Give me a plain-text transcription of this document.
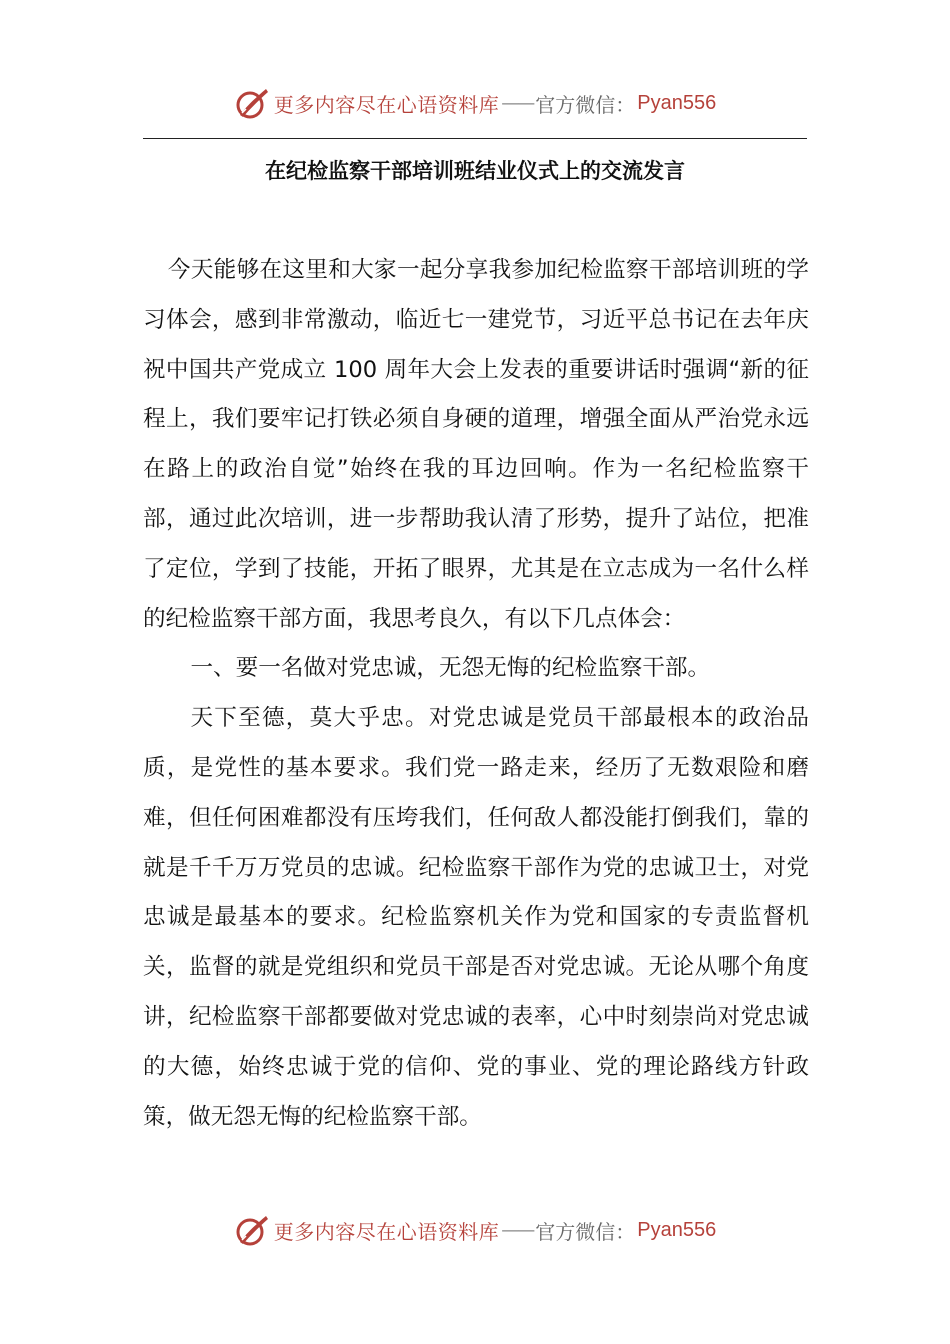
更多内容尽在心语资料库 —— 官方微信： Pyan556
在纪检监察干部培训班结业仪式上的交流发言

今天能够在这里和大家一起分享我参加纪检监察干部培训班的学习体会，感到非常激动，临近七一建党节，习近平总书记在去年庆祝中国共产党成立 100 周年大会上发表的重要讲话时强调“新的征程上，我们要牢记打铁必须自身硬的道理，增强全面从严治党永远在路上的政治自觉”始终在我的耳边回响。作为一名纪检监察干部，通过此次培训，进一步帮助我认清了形势，提升了站位，把准了定位，学到了技能，开拓了眼界，尤其是在立志成为一名什么样的纪检监察干部方面，我思考良久，有以下几点体会：

一、要一名做对党忠诚，无怨无悔的纪检监察干部。

天下至德，莫大乎忠。对党忠诚是党员干部最根本的政治品质，是党性的基本要求。我们党一路走来，经历了无数艰险和磨难，但任何困难都没有压垮我们，任何敌人都没能打倒我们，靠的就是千千万万党员的忠诚。纪检监察干部作为党的忠诚卫士，对党忠诚是最基本的要求。纪检监察机关作为党和国家的专责监督机关，监督的就是党组织和党员干部是否对党忠诚。无论从哪个角度讲，纪检监察干部都要做对党忠诚的表率，心中时刻崇尚对党忠诚的大德，始终忠诚于党的信仰、党的事业、党的理论路线方针政策，做无怨无悔的纪检监察干部。

更多内容尽在心语资料库 —— 官方微信： Pyan556
